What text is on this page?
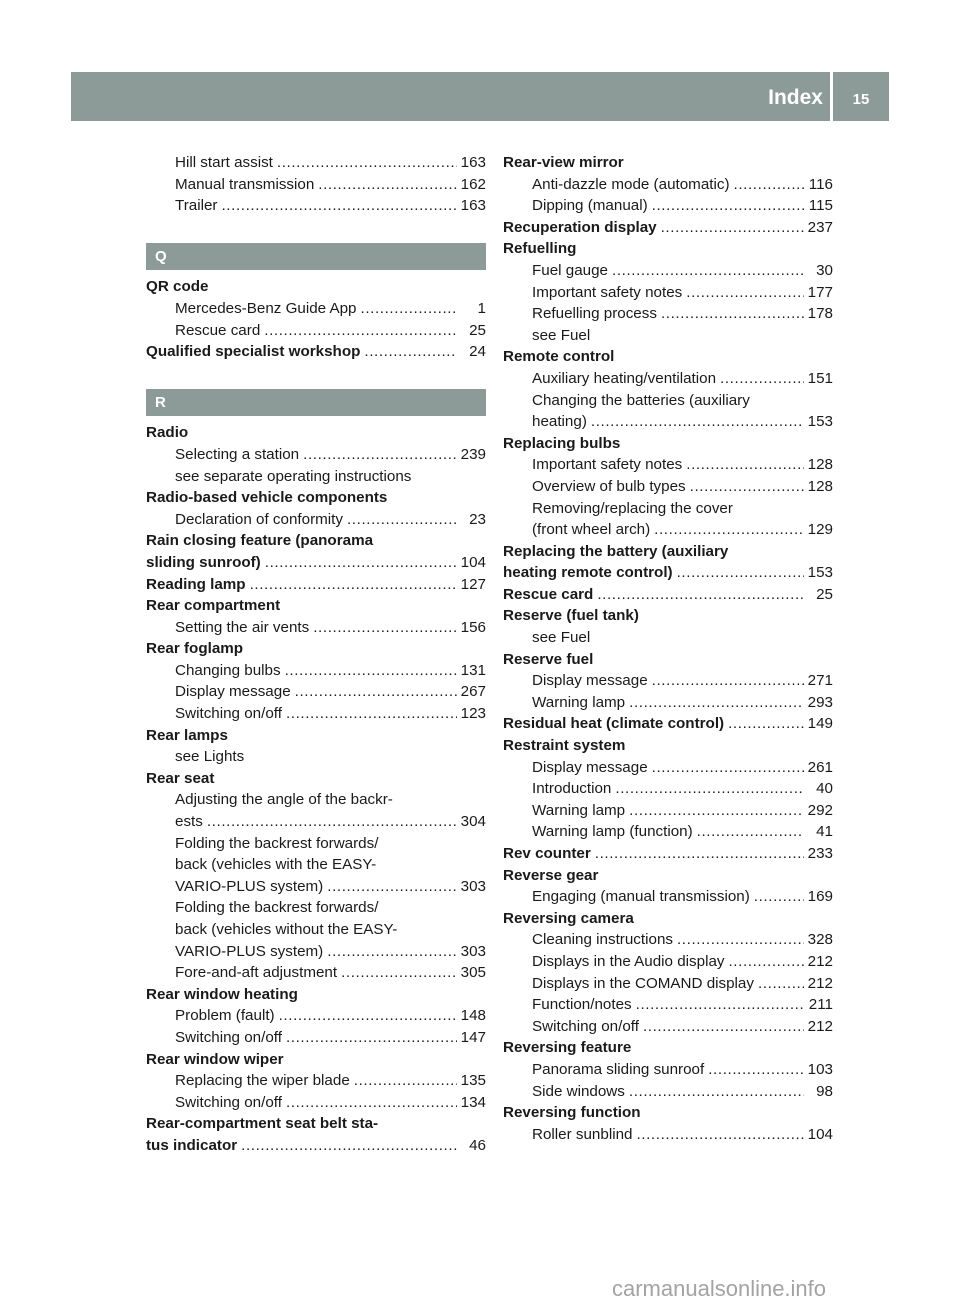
Index	15
Hill start assist .....	163
Manual transmission .....	162
Trailer .....	163
Q
QR code
Mercedes-Benz Guide App .....	1
Rescue card .....	25
Qualified specialist workshop .....	24
R
Radio
Selecting a station .....	239
see separate operating instructions
Radio-based vehicle components
Declaration of conformity .....	23
Rain closing feature (panorama
sliding sunroof) .....	104
Reading lamp .....	127
Rear compartment
Setting the air vents .....	156
Rear foglamp
Changing bulbs .....	131
Display message .....	267
Switching on/off .....	123
Rear lamps
see Lights
Rear seat
Adjusting the angle of the backr-
ests .....	304
Folding the backrest forwards/
back (vehicles with the EASY-
VARIO-PLUS system) .....	303
Folding the backrest forwards/
back (vehicles without the EASY-
VARIO-PLUS system) .....	303
Fore-and-aft adjustment .....	305
Rear window heating
Problem (fault) .....	148
Switching on/off .....	147
Rear window wiper
Replacing the wiper blade .....	135
Switching on/off .....	134
Rear-compartment seat belt sta-
tus indicator .....	46
Rear-view mirror
Anti-dazzle mode (automatic) .....	116
Dipping (manual) .....	115
Recuperation display .....	237
Refuelling
Fuel gauge .....	30
Important safety notes .....	177
Refuelling process .....	178
see Fuel
Remote control
Auxiliary heating/ventilation .....	151
Changing the batteries (auxiliary
heating) .....	153
Replacing bulbs
Important safety notes .....	128
Overview of bulb types .....	128
Removing/replacing the cover
(front wheel arch) .....	129
Replacing the battery (auxiliary
heating remote control) .....	153
Rescue card .....	25
Reserve (fuel tank)
see Fuel
Reserve fuel
Display message .....	271
Warning lamp .....	293
Residual heat (climate control) .....	149
Restraint system
Display message .....	261
Introduction .....	40
Warning lamp .....	292
Warning lamp (function) .....	41
Rev counter .....	233
Reverse gear
Engaging (manual transmission) .....	169
Reversing camera
Cleaning instructions .....	328
Displays in the Audio display .....	212
Displays in the COMAND display .....	212
Function/notes .....	211
Switching on/off .....	212
Reversing feature
Panorama sliding sunroof .....	103
Side windows .....	98
Reversing function
Roller sunblind .....	104
carmanualsonline.info
